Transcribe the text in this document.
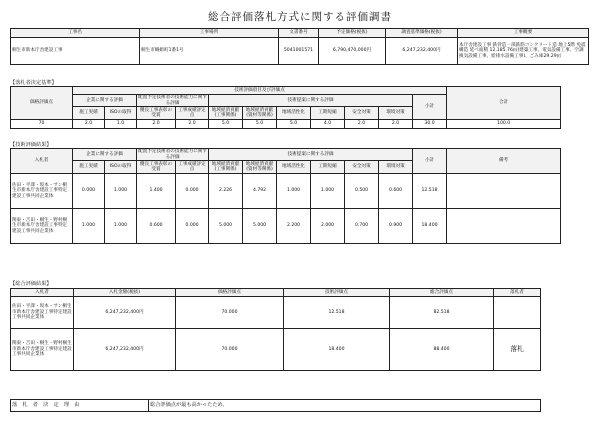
総合評価落札方式に関する評価調書
工事名	工事場所	文書番号	予定価格(税抜)	調査基準価格(税抜)	工事概要
桐生市新本庁舎建設工事	桐生市織姫町1番1号	5041001571	6,790,470,000円	6,247,232,400円	本庁舎建設工事 鉄骨造一部鉄筋コンクリート造 地上5階 免震構造 延べ面積 12,185.76㎡(建築工事、電気設備工事、空調換気設備工事、給排水設備工事)、ごみ庫29.29㎡
【落札者決定基準】
価格評価点	技術評価項目及び評価点											合計
	企業に関する評価		配置予定技術者の技術能力に関する評価		技術提案に関する評価						小計	
	施工実績	ISOの取得	優良工事表彰の受賞	工事成績評定点	地域経済貢献(工事関係)	地域経済貢献(資材等関係)	地域活性化	工期短縮	安全対策	環境対策		
70	2.0	1.0	2.0	2.0	5.0	5.0	5.0	4.0	2.0	2.0	30.0	100.0
【技術評価結果】
入札者	企業に関する評価		配置予定技術者の技術能力に関する評価		技術提案に関する評価						小計	備考
	施工実績	ISOの取得	優良工事表彰の受賞	工事成績評定点	地域経済貢献(工事関係)	地域経済貢献(資材等関係)	地域活性化	工期短縮	安全対策	環境対策		
佐田・平澤・坂本・サン桐生市新本庁舎建設工事特定建設工事共同企業体	0.000	1.000	1.400	0.000	2.226	4.792	1.000	1.000	0.500	0.600	12.518	
関東・吉田・桐生・野村桐生市新本庁舎建設工事特定建設工事共同企業体	1.000	1.000	0.600	0.000	5.000	5.000	2.200	2.000	0.700	0.900	18.400	
【総合評価結果】
入札者	入札金額(税抜)	価格評価点	技術評価点	総合評価点	落札者
佐田・平澤・坂本・サン桐生市新本庁舎建設工事特定建設工事共同企業体	6,247,232,400円	70.000	12.518	82.518	
関東・吉田・桐生・野村桐生市新本庁舎建設工事特定建設工事共同企業体	6,247,232,400円	70.000	18.400	88.400	落札
落　札　者　決　定　理　由	総合評価点が最も高かったため。
